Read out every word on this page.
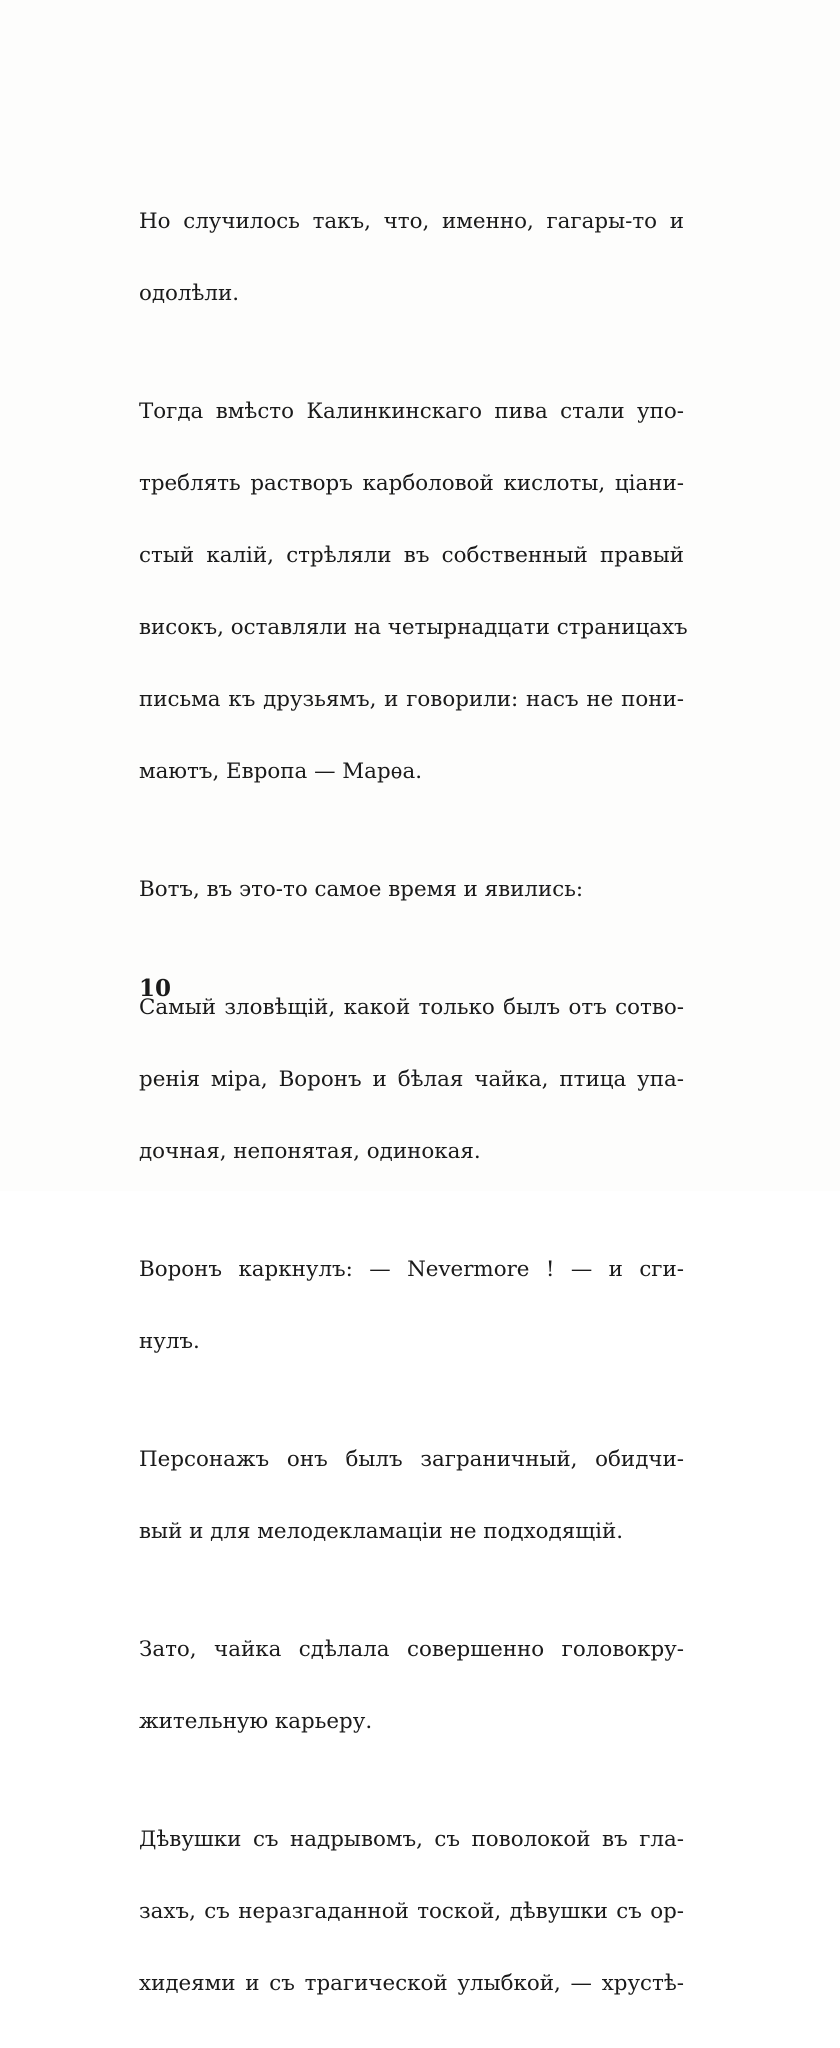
Но случилось такъ, что, именно, гагары-то и

одолѣли.

Тогда вмѣсто Калинкинскаго пива стали упо-

треблять растворъ карболовой кислоты, ціани-

стый калій, стрѣляли въ собственный правый

високъ, оставляли на четырнадцати страницахъ

письма къ друзьямъ, и говорили: насъ не пони-

маютъ, Европа — Марѳа.

Вотъ, въ это-то самое время и явились:

Самый зловѣщій, какой только былъ отъ сотво-

ренія міра, Воронъ и бѣлая чайка, птица упа-

дочная, непонятая, одинокая.

Воронъ каркнулъ: — Nevermore ! — и сги-

нулъ.

Персонажъ онъ былъ заграничный, обидчи-

вый и для мелодекламаціи не подходящій.

Зато, чайка сдѣлала совершенно головокру-

жительную карьеру.

Дѣвушки съ надрывомъ, съ поволокой въ гла-

захъ, съ неразгаданной тоской, дѣвушки съ ор-

хидеями и съ трагической улыбкой, — хрустѣ-

10
